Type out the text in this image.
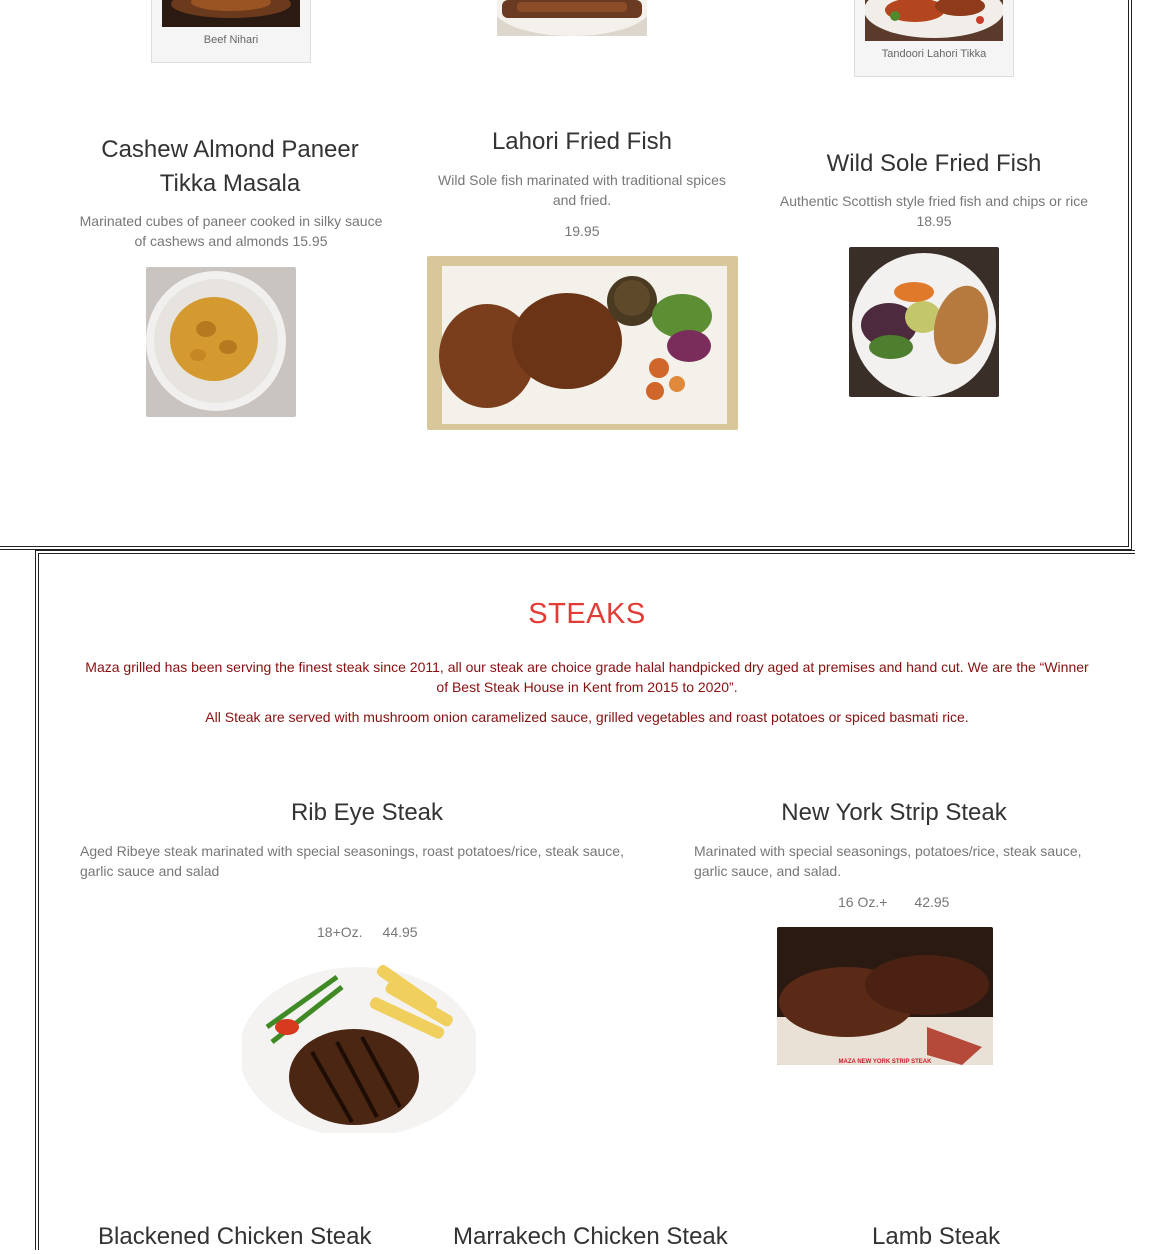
Beef Nihari
Tandoori Lahori Tikka
Cashew Almond Paneer Tikka Masala
Marinated cubes of paneer cooked in silky sauce of cashews and almonds 15.95
Lahori Fried Fish
Wild Sole fish marinated with traditional spices and fried.
19.95
Wild Sole Fried Fish
Authentic Scottish style fried fish and chips or rice 18.95
STEAKS
Maza grilled has been serving the finest steak since 2011, all our steak are choice grade halal handpicked dry aged at premises and hand cut. We are the “Winner of Best Steak House in Kent from 2015 to 2020”.
All Steak are served with mushroom onion caramelized sauce, grilled vegetables and roast potatoes or spiced basmati rice.
Rib Eye Steak
Aged Ribeye steak marinated with special seasonings, roast potatoes/rice, steak sauce, garlic sauce and salad
18+Oz. 44.95
New York Strip Steak
Marinated with special seasonings, potatoes/rice, steak sauce, garlic sauce, and salad.
16 Oz.+ 42.95
MAZA NEW YORK STRIP STEAK
Blackened Chicken Steak	Marrakech Chicken Steak	Lamb Steak
